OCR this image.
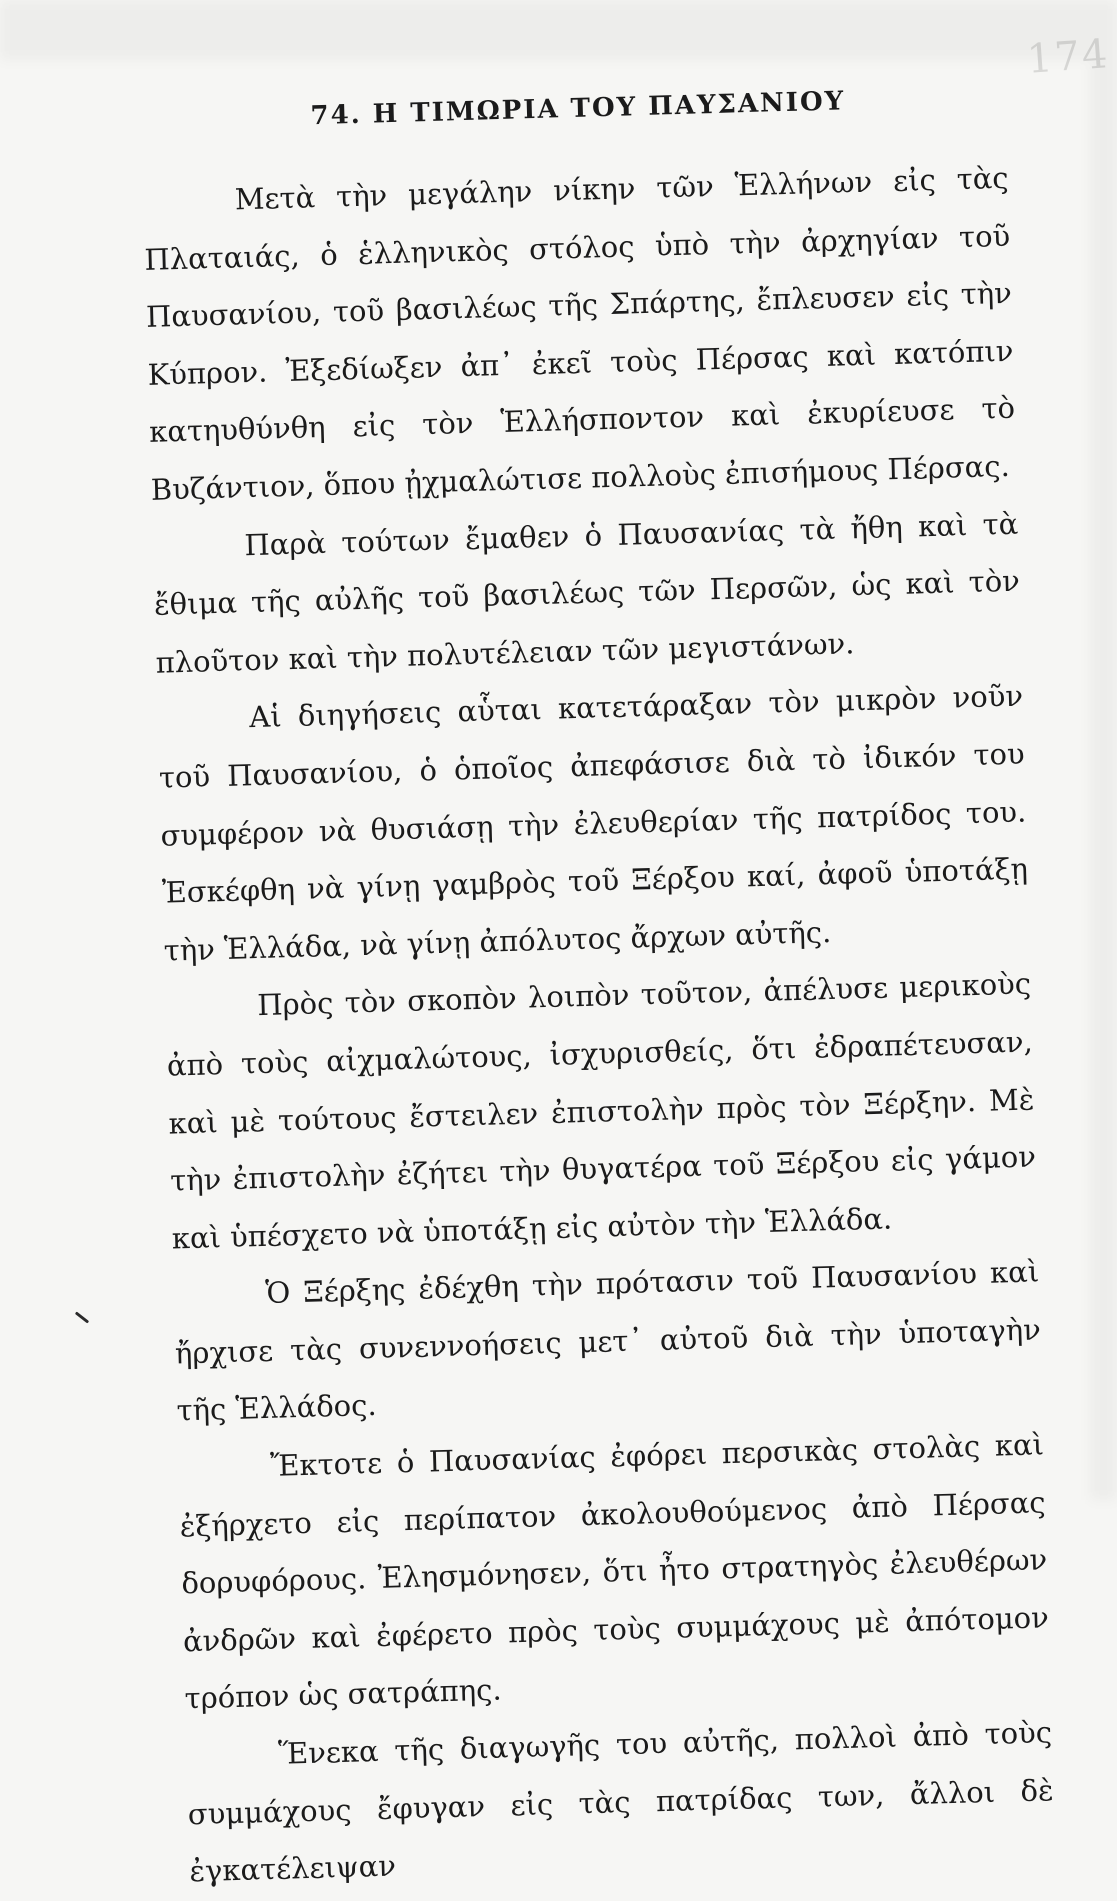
174
74. Η ΤΙΜΩΡΙΑ ΤΟΥ ΠΑΥΣΑΝΙΟΥ

Μετὰ τὴν μεγάλην νίκην τῶν Ἑλλήνων εἰς τὰς Πλαταιάς, ὁ ἑλληνικὸς στόλος ὑπὸ τὴν ἀρχηγίαν τοῦ Παυσανίου, τοῦ βασιλέως τῆς Σπάρτης, ἔπλευσεν εἰς τὴν Κύπρον. Ἐξεδίωξεν ἀπ᾽ ἐκεῖ τοὺς Πέρσας καὶ κατόπιν κατηυθύνθη εἰς τὸν Ἑλλήσποντον καὶ ἐκυρίευσε τὸ Βυζάντιον, ὅπου ᾐχμαλώτισε πολλοὺς ἐπισήμους Πέρσας.

Παρὰ τούτων ἔμαθεν ὁ Παυσανίας τὰ ἤθη καὶ τὰ ἔθιμα τῆς αὐλῆς τοῦ βασιλέως τῶν Περσῶν, ὡς καὶ τὸν πλοῦτον καὶ τὴν πολυτέλειαν τῶν μεγιστάνων.

Αἱ διηγήσεις αὗται κατετάραξαν τὸν μικρὸν νοῦν τοῦ Παυσανίου, ὁ ὁποῖος ἀπεφάσισε διὰ τὸ ἰδικόν του συμφέρον νὰ θυσιάσῃ τὴν ἐλευθερίαν τῆς πατρίδος του. Ἐσκέφθη νὰ γίνῃ γαμβρὸς τοῦ Ξέρξου καί, ἀφοῦ ὑποτάξῃ τὴν Ἑλλάδα, νὰ γίνῃ ἀπόλυτος ἄρχων αὐτῆς.

Πρὸς τὸν σκοπὸν λοιπὸν τοῦτον, ἀπέλυσε μερικοὺς ἀπὸ τοὺς αἰχμαλώτους, ἰσχυρισθείς, ὅτι ἐδραπέτευσαν, καὶ μὲ τούτους ἔστειλεν ἐπιστολὴν πρὸς τὸν Ξέρξην. Μὲ τὴν ἐπιστολὴν ἐζήτει τὴν θυγατέρα τοῦ Ξέρξου εἰς γάμον καὶ ὑπέσχετο νὰ ὑποτάξῃ εἰς αὐτὸν τὴν Ἑλλάδα.

Ὁ Ξέρξης ἐδέχθη τὴν πρότασιν τοῦ Παυσανίου καὶ ἤρχισε τὰς συνεννοήσεις μετ᾽ αὐτοῦ διὰ τὴν ὑποταγὴν τῆς Ἑλλάδος.

Ἔκτοτε ὁ Παυσανίας ἐφόρει περσικὰς στολὰς καὶ ἐξήρχετο εἰς περίπατον ἀκολουθούμενος ἀπὸ Πέρσας δορυφόρους. Ἐλησμόνησεν, ὅτι ἦτο στρατηγὸς ἐλευθέρων ἀνδρῶν καὶ ἐφέρετο πρὸς τοὺς συμμάχους μὲ ἀπότομον τρόπον ὡς σατράπης.

Ἕνεκα τῆς διαγωγῆς του αὐτῆς, πολλοὶ ἀπὸ τοὺς συμμάχους ἔφυγαν εἰς τὰς πατρίδας των, ἄλλοι δὲ ἐγκατέλειψαν
